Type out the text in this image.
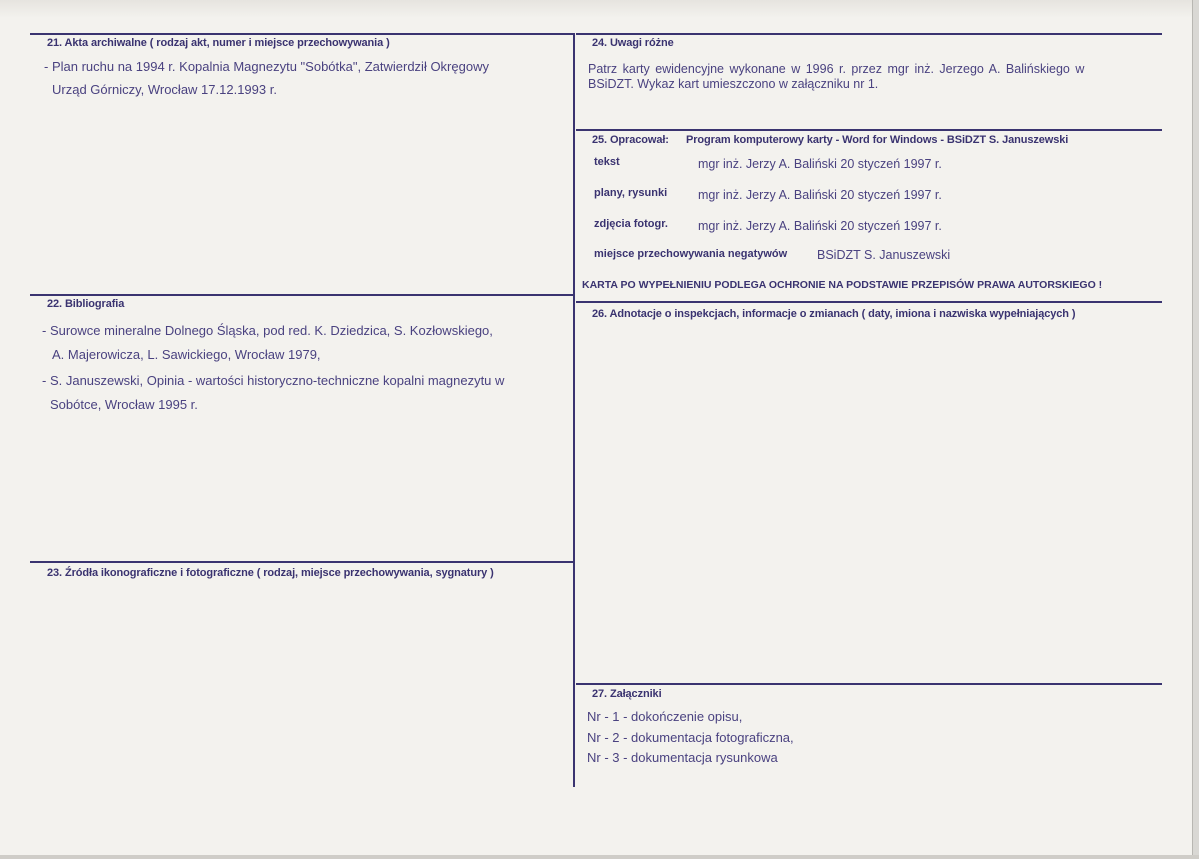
21. Akta archiwalne ( rodzaj akt, numer i miejsce przechowywania )
- Plan ruchu na 1994 r. Kopalnia Magnezytu "Sobótka", Zatwierdził Okręgowy
Urząd Górniczy, Wrocław 17.12.1993 r.
22. Bibliografia
- Surowce mineralne Dolnego Śląska, pod red. K. Dziedzica, S. Kozłowskiego,
A. Majerowicza, L. Sawickiego, Wrocław 1979,
- S. Januszewski, Opinia - wartości historyczno-techniczne kopalni magnezytu w
Sobótce, Wrocław 1995 r.
23. Źródła ikonograficzne i fotograficzne ( rodzaj, miejsce przechowywania, sygnatury )
24. Uwagi różne
Patrz karty ewidencyjne wykonane w 1996 r. przez mgr inż. Jerzego A. Balińskiego w
BSiDZT. Wykaz kart umieszczono w załączniku nr 1.
25. Opracował: Program komputerowy karty - Word for Windows - BSiDZT S. Januszewski
tekst	mgr inż. Jerzy A. Baliński 20 styczeń 1997 r.
plany, rysunki mgr inż. Jerzy A. Baliński 20 styczeń 1997 r.
zdjęcia fotogr. mgr inż. Jerzy A. Baliński 20 styczeń 1997 r.
miejsce przechowywania negatywów BSiDZT S. Januszewski
KARTA PO WYPEŁNIENIU PODLEGA OCHRONIE NA PODSTAWIE PRZEPISÓW PRAWA AUTORSKIEGO !
26. Adnotacje o inspekcjach, informacje o zmianach ( daty, imiona i nazwiska wypełniających )
27. Załączniki
Nr - 1 - dokończenie opisu,
Nr - 2 - dokumentacja fotograficzna,
Nr - 3 - dokumentacja rysunkowa
